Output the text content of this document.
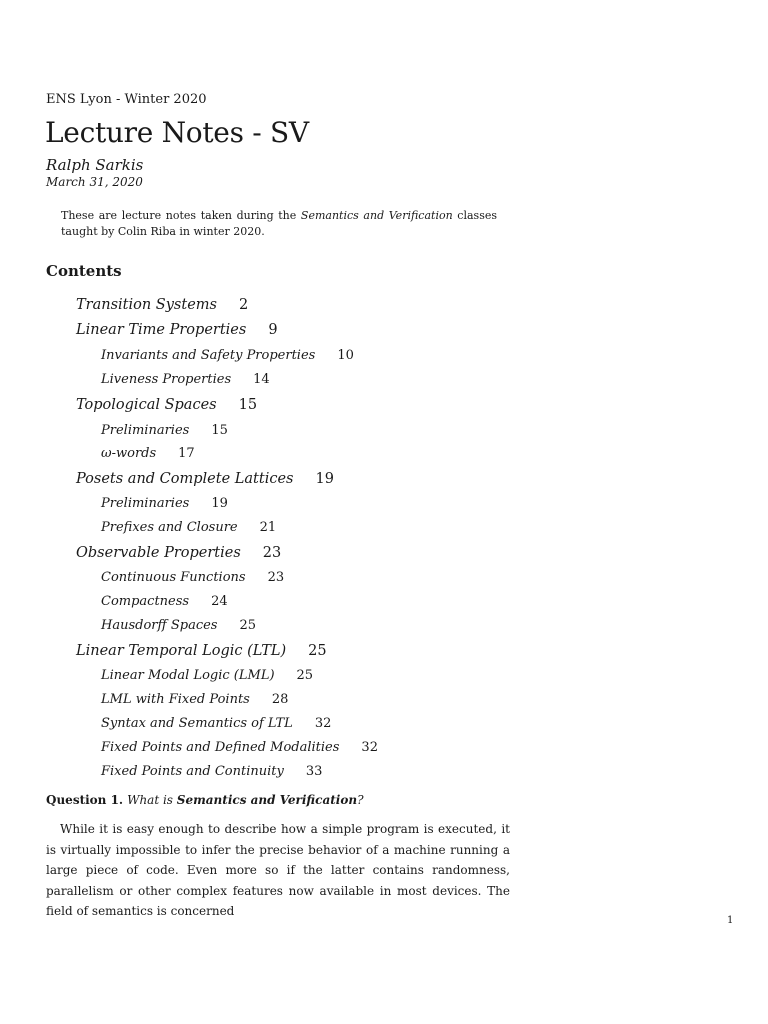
ENS Lyon - Winter 2020
Lecture Notes - SV
Ralph Sarkis
March 31, 2020
These are lecture notes taken during the Semantics and Verification classes taught by Colin Riba in winter 2020.
Contents
Transition Systems 2
Linear Time Properties 9
Invariants and Safety Properties 10
Liveness Properties 14
Topological Spaces 15
Preliminaries 15
ω-words 17
Posets and Complete Lattices 19
Preliminaries 19
Prefixes and Closure 21
Observable Properties 23
Continuous Functions 23
Compactness 24
Hausdorff Spaces 25
Linear Temporal Logic (LTL) 25
Linear Modal Logic (LML) 25
LML with Fixed Points 28
Syntax and Semantics of LTL 32
Fixed Points and Defined Modalities 32
Fixed Points and Continuity 33
Question 1. What is Semantics and Verification?

While it is easy enough to describe how a simple program is executed, it is virtually impossible to infer the precise behavior of a machine running a large piece of code. Even more so if the latter contains randomness, parallelism or other complex features now available in most devices. The field of semantics is concerned

1
